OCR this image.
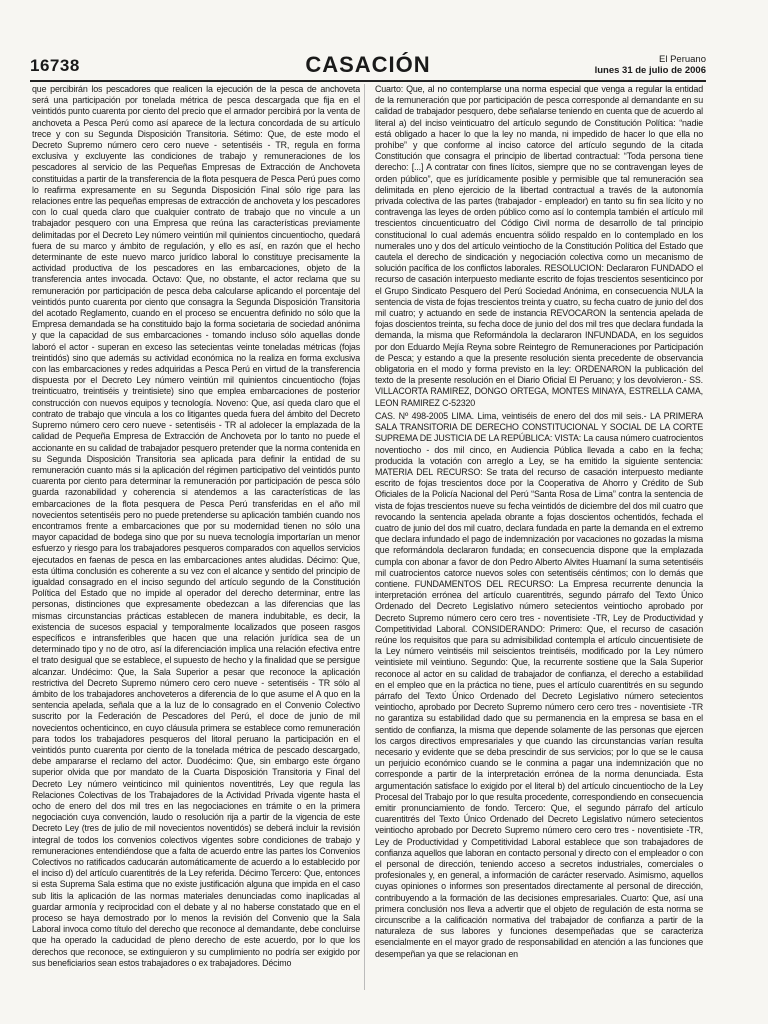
16738	CASACIÓN	El Peruano
lunes 31 de julio de 2006

que percibirán los pescadores que realicen la ejecución de la pesca de anchoveta será una participación por tonelada métrica de pesca descargada que fija en el veintidós punto cuarenta por ciento del precio que el armador percibirá por la venta de anchoveta a Pesca Perú como así aparece de la lectura concordada de su artículo trece y con su Segunda Disposición Transitoria. Sétimo: Que, de este modo el Decreto Supremo número cero cero nueve - setentiséis - TR, regula en forma exclusiva y excluyente las condiciones de trabajo y remuneraciones de los pescadores al servicio de las Pequeñas Empresas de Extracción de Anchoveta constituidas a partir de la transferencia de la flota pesquera de Pesca Perú pues como lo reafirma expresamente en su Segunda Disposición Final sólo rige para las relaciones entre las pequeñas empresas de extracción de anchoveta y los pescadores con lo cual queda claro que cualquier contrato de trabajo que no vincule a un trabajador pesquero con una Empresa que reúna las características previamente delimitadas por el Decreto Ley número veintiún mil quinientos cincuentiocho, quedará fuera de su marco y ámbito de regulación, y ello es así, en razón que el hecho determinante de este nuevo marco jurídico laboral lo constituye precisamente la actividad productiva de los pescadores en las embarcaciones, objeto de la transferencia antes invocada. Octavo: Que, no obstante, el actor reclama que su remuneración por participación de pesca deba calcularse aplicando el porcentaje del veintidós punto cuarenta por ciento que consagra la Segunda Disposición Transitoria del acotado Reglamento, cuando en el proceso se encuentra definido no sólo que la Empresa demandada se ha constituido bajo la forma societaria de sociedad anónima y que la capacidad de sus embarcaciones - tomando incluso sólo aquellas donde laboró el actor - superan en exceso las setecientas veinte toneladas métricas (fojas treintidós) sino que además su actividad económica no la realiza en forma exclusiva con las embarcaciones y redes adquiridas a Pesca Perú en virtud de la transferencia dispuesta por el Decreto Ley número veintiún mil quinientos cincuentiocho (fojas treinticuatro, treintiséis y treintisiete) sino que emplea embarcaciones de posterior construcción con nuevos equipos y tecnología. Noveno: Que, así queda claro que el contrato de trabajo que vincula a los co litigantes queda fuera del ámbito del Decreto Supremo número cero cero nueve - setentiséis - TR al adolecer la emplazada de la calidad de Pequeña Empresa de Extracción de Anchoveta por lo tanto no puede el accionante en su calidad de trabajador pesquero pretender que la norma contenida en su Segunda Disposición Transitoria sea aplicada para definir la entidad de su remuneración cuanto más si la aplicación del régimen participativo del veintidós punto cuarenta por ciento para determinar la remuneración por participación de pesca sólo guarda razonabilidad y coherencia si atendemos a las características de las embarcaciones de la flota pesquera de Pesca Perú transferidas en el año mil novecientos setentiséis pero no puede pretenderse su aplicación también cuando nos encontramos frente a embarcaciones que por su modernidad tienen no sólo una mayor capacidad de bodega sino que por su nueva tecnología importarían un menor esfuerzo y riesgo para los trabajadores pesqueros comparados con aquellos servicios ejecutados en faenas de pesca en las embarcaciones antes aludidas. Décimo: Que, esta última conclusión es coherente a su vez con el alcance y sentido del principio de igualdad consagrado en el inciso segundo del artículo segundo de la Constitución Política del Estado que no impide al operador del derecho determinar, entre las personas, distinciones que expresamente obedezcan a las diferencias que las mismas circunstancias prácticas establecen de manera indubitable, es decir, la existencia de sucesos espacial y temporalmente localizados que poseen rasgos específicos e intransferibles que hacen que una relación jurídica sea de un determinado tipo y no de otro, así la diferenciación implica una relación efectiva entre el trato desigual que se establece, el supuesto de hecho y la finalidad que se persigue alcanzar. Undécimo: Que, la Sala Superior a pesar que reconoce la aplicación restrictiva del Decreto Supremo número cero cero nueve - setentiséis - TR sólo al ámbito de los trabajadores anchoveteros a diferencia de lo que asume el A quo en la sentencia apelada, señala que a la luz de lo consagrado en el Convenio Colectivo suscrito por la Federación de Pescadores del Perú, el doce de junio de mil novecientos ochenticinco, en cuyo cláusula primera se establece como remuneración para todos los trabajadores pesqueros del litoral peruano la participación en el veintidós punto cuarenta por ciento de la tonelada métrica de pescado descargado, debe ampararse el reclamo del actor. Duodécimo: Que, sin embargo este órgano superior olvida que por mandato de la Cuarta Disposición Transitoria y Final del Decreto Ley número veinticinco mil quinientos noventitrés, Ley que regula las Relaciones Colectivas de los Trabajadores de la Actividad Privada vigente hasta el ocho de enero del dos mil tres en las negociaciones en trámite o en la primera negociación cuya convención, laudo o resolución rija a partir de la vigencia de este Decreto Ley (tres de julio de mil novecientos noventidós) se deberá incluir la revisión integral de todos los convenios colectivos vigentes sobre condiciones de trabajo y remuneraciones entendiéndose que a falta de acuerdo entre las partes los Convenios Colectivos no ratificados caducarán automáticamente de acuerdo a lo establecido por el inciso d) del artículo cuarentitrés de la Ley referida. Décimo Tercero: Que, entonces si esta Suprema Sala estima que no existe justificación alguna que impida en el caso sub litis la aplicación de las normas materiales denunciadas como inaplicadas al guardar armonía y reciprocidad con el debate y al no haberse constatado que en el proceso se haya demostrado por lo menos la revisión del Convenio que la Sala Laboral invoca como título del derecho que reconoce al demandante, debe concluirse que ha operado la caducidad de pleno derecho de este acuerdo, por lo que los derechos que reconoce, se extinguieron y su cumplimiento no podría ser exigido por sus beneficiarios sean estos trabajadores o ex trabajadores. Décimo

Cuarto: Que, al no contemplarse una norma especial que venga a regular la entidad de la remuneración que por participación de pesca corresponde al demandante en su calidad de trabajador pesquero, debe señalarse teniendo en cuenta que de acuerdo al literal a) del inciso veinticuatro del artículo segundo de Constitución Política: “nadie está obligado a hacer lo que la ley no manda, ni impedido de hacer lo que ella no prohíbe” y que conforme al inciso catorce del artículo segundo de la citada Constitución que consagra el principio de libertad contractual: “Toda persona tiene derecho: [...] A contratar con fines lícitos, siempre que no se contravengan leyes de orden público”, que es jurídicamente posible y permisible que tal remuneración sea delimitada en pleno ejercicio de la libertad contractual a través de la autonomía privada colectiva de las partes (trabajador - empleador) en tanto su fin sea lícito y no contravenga las leyes de orden público como así lo contempla también el artículo mil trescientos cincuenticuatro del Código Civil norma de desarrollo de tal principio constitucional lo cual además encuentra sólido respaldo en lo contemplado en los numerales uno y dos del artículo veintiocho de la Constitución Política del Estado que cautela el derecho de sindicación y negociación colectiva como un mecanismo de solución pacífica de los conflictos laborales. RESOLUCION: Declararon FUNDADO el recurso de casación interpuesto mediante escrito de fojas trescientos sesenticinco por el Grupo Sindicato Pesquero del Perú Sociedad Anónima, en consecuencia NULA la sentencia de vista de fojas trescientos treinta y cuatro, su fecha cuatro de junio del dos mil cuatro; y actuando en sede de instancia REVOCARON la sentencia apelada de fojas doscientos treinta, su fecha doce de junio del dos mil tres que declara fundada la demanda, la misma que Reformándola la declararon INFUNDADA, en los seguidos por don Eduardo Mejía Reyna sobre Reintegro de Remuneraciones por Participación de Pesca; y estando a que la presente resolución sienta precedente de observancia obligatoria en el modo y forma previsto en la ley: ORDENARON la publicación del texto de la presente resolución en el Diario Oficial El Peruano; y los devolvieron.- SS. VILLACORTA RAMIREZ, DONGO ORTEGA, MONTES MINAYA, ESTRELLA CAMA, LEON RAMIREZ C-52320

CAS. Nº 498-2005 LIMA. Lima, veintiséis de enero del dos mil seis.- LA PRIMERA SALA TRANSITORIA DE DERECHO CONSTITUCIONAL Y SOCIAL DE LA CORTE SUPREMA DE JUSTICIA DE LA REPÚBLICA: VISTA: La causa número cuatrocientos noventiocho - dos mil cinco, en Audiencia Pública llevada a cabo en la fecha; producida la votación con arreglo a Ley, se ha emitido la siguiente sentencia: MATERIA DEL RECURSO: Se trata del recurso de casación interpuesto mediante escrito de fojas trescientos doce por la Cooperativa de Ahorro y Crédito de Sub Oficiales de la Policía Nacional del Perú “Santa Rosa de Lima” contra la sentencia de vista de fojas trescientos nueve su fecha veintidós de diciembre del dos mil cuatro que revocando la sentencia apelada obrante a fojas doscientos ochentidós, fechada el cuatro de junio del dos mil cuatro, declara fundada en parte la demanda en el extremo que declara infundado el pago de indemnización por vacaciones no gozadas la misma que reformándola declararon fundada; en consecuencia dispone que la emplazada cumpla con abonar a favor de don Pedro Alberto Alvites Huamaní la suma setentiséis mil cuatrocientos catorce nuevos soles con setentiséis céntimos; con lo demás que contiene. FUNDAMENTOS DEL RECURSO: La Empresa recurrente denuncia la interpretación errónea del artículo cuarentitrés, segundo párrafo del Texto Único Ordenado del Decreto Legislativo número setecientos veintiocho aprobado por Decreto Supremo número cero cero tres - noventisiete -TR, Ley de Productividad y Competitividad Laboral. CONSIDERANDO: Primero: Que, el recurso de casación reúne los requisitos que para su admisibilidad contempla el artículo cincuentisiete de la Ley número veintiséis mil seiscientos treintiséis, modificado por la Ley número veintisiete mil veintiuno. Segundo: Que, la recurrente sostiene que la Sala Superior reconoce al actor en su calidad de trabajador de confianza, el derecho a estabilidad en el empleo que en la práctica no tiene, pues el artículo cuarentitrés en su segundo párrafo del Texto Único Ordenado del Decreto Legislativo número setecientos veintiocho, aprobado por Decreto Supremo número cero cero tres - noventisiete -TR no garantiza su estabilidad dado que su permanencia en la empresa se basa en el sentido de confianza, la misma que depende solamente de las personas que ejercen los cargos directivos empresariales y que cuando las circunstancias varían resulta necesario y evidente que se deba prescindir de sus servicios; por lo que se le causa un perjuicio económico cuando se le conmina a pagar una indemnización que no corresponde a partir de la interpretación errónea de la norma denunciada. Esta argumentación satisface lo exigido por el literal b) del artículo cincuentiocho de la Ley Procesal del Trabajo por lo que resulta procedente, correspondiendo en consecuencia emitir pronunciamiento de fondo. Tercero: Que, el segundo párrafo del artículo cuarentitrés del Texto Único Ordenado del Decreto Legislativo número setecientos veintiocho aprobado por Decreto Supremo número cero cero tres - noventisiete -TR, Ley de Productividad y Competitividad Laboral establece que son trabajadores de confianza aquellos que laboran en contacto personal y directo con el empleador o con el personal de dirección, teniendo acceso a secretos industriales, comerciales o profesionales y, en general, a información de carácter reservado. Asimismo, aquellos cuyas opiniones o informes son presentados directamente al personal de dirección, contribuyendo a la formación de las decisiones empresariales. Cuarto: Que, así una primera conclusión nos lleva a advertir que el objeto de regulación de esta norma se circunscribe a la calificación normativa del trabajador de confianza a partir de la naturaleza de sus labores y funciones desempeñadas que se caracteriza esencialmente en el mayor grado de responsabilidad en atención a las funciones que desempeñan ya que se relacionan en
